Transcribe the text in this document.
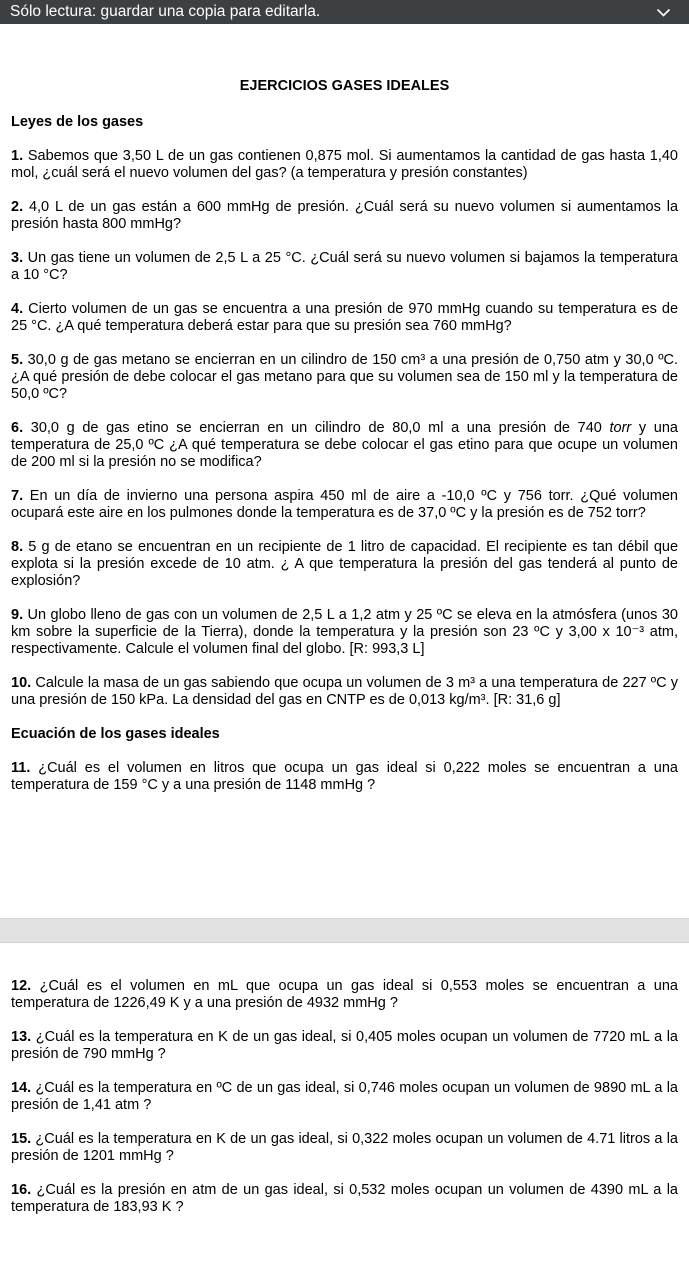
Sólo lectura: guardar una copia para editarla.
EJERCICIOS GASES IDEALES
Leyes de los gases

1. Sabemos que 3,50 L de un gas contienen 0,875 mol. Si aumentamos la cantidad de gas hasta 1,40 mol, ¿cuál será el nuevo volumen del gas? (a temperatura y presión constantes)

2. 4,0 L de un gas están a 600 mmHg de presión. ¿Cuál será su nuevo volumen si aumentamos la presión hasta 800 mmHg?

3. Un gas tiene un volumen de 2,5 L a 25 °C. ¿Cuál será su nuevo volumen si bajamos la temperatura a 10 °C?

4. Cierto volumen de un gas se encuentra a una presión de 970 mmHg cuando su temperatura es de 25 °C. ¿A qué temperatura deberá estar para que su presión sea 760 mmHg?

5. 30,0 g de gas metano se encierran en un cilindro de 150 cm³ a una presión de 0,750 atm y 30,0 ºC. ¿A qué presión de debe colocar el gas metano para que su volumen sea de 150 ml y la temperatura de 50,0 ºC?

6. 30,0 g de gas etino se encierran en un cilindro de 80,0 ml a una presión de 740 torr y una temperatura de 25,0 ºC ¿A qué temperatura se debe colocar el gas etino para que ocupe un volumen de 200 ml si la presión no se modifica?

7. En un día de invierno una persona aspira 450 ml de aire a -10,0 ºC y 756 torr. ¿Qué volumen ocupará este aire en los pulmones donde la temperatura es de 37,0 ºC y la presión es de 752 torr?

8. 5 g de etano se encuentran en un recipiente de 1 litro de capacidad. El recipiente es tan débil que explota si la presión excede de 10 atm. ¿ A que temperatura la presión del gas tenderá al punto de explosión?

9. Un globo lleno de gas con un volumen de 2,5 L a 1,2 atm y 25 ºC se eleva en la atmósfera (unos 30 km sobre la superficie de la Tierra), donde la temperatura y la presión son 23 ºC y 3,00 x 10⁻³ atm, respectivamente. Calcule el volumen final del globo. [R: 993,3 L]

10. Calcule la masa de un gas sabiendo que ocupa un volumen de 3 m³ a una temperatura de 227 ºC y una presión de 150 kPa. La densidad del gas en CNTP es de 0,013 kg/m³. [R: 31,6 g]

Ecuación de los gases ideales

11. ¿Cuál es el volumen en litros que ocupa un gas ideal si 0,222 moles se encuentran a una temperatura de 159 °C y a una presión de 1148 mmHg ?

12. ¿Cuál es el volumen en mL que ocupa un gas ideal si 0,553 moles se encuentran a una temperatura de 1226,49 K y a una presión de 4932 mmHg ?

13. ¿Cuál es la temperatura en K de un gas ideal, si 0,405 moles ocupan un volumen de 7720 mL a la presión de 790 mmHg ?

14. ¿Cuál es la temperatura en ºC de un gas ideal, si 0,746 moles ocupan un volumen de 9890 mL a la presión de 1,41 atm ?

15. ¿Cuál es la temperatura en K de un gas ideal, si 0,322 moles ocupan un volumen de 4.71 litros a la presión de 1201 mmHg ?

16. ¿Cuál es la presión en atm de un gas ideal, si 0,532 moles ocupan un volumen de 4390 mL a la temperatura de 183,93 K ?
